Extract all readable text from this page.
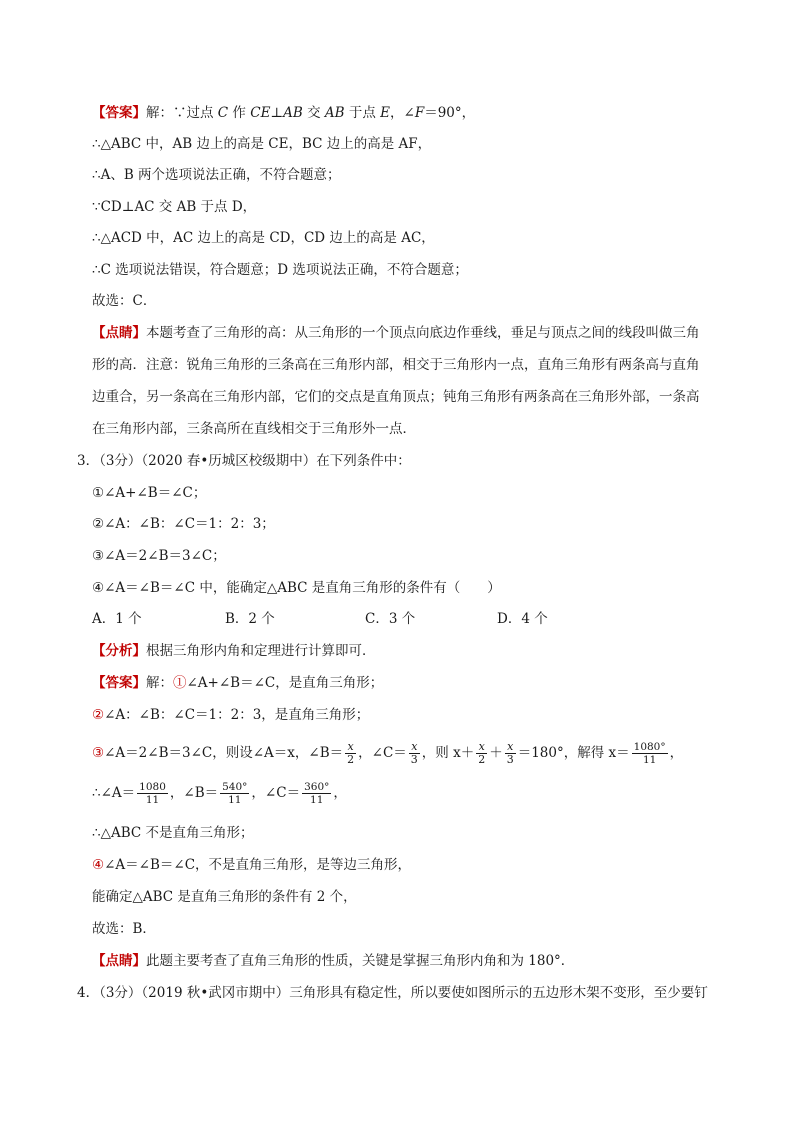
【答案】解：∵过点 C 作 CE⊥AB 交 AB 于点 E，∠F＝90°，
∴△ABC 中，AB 边上的高是 CE，BC 边上的高是 AF，
∴A、B 两个选项说法正确，不符合题意；
∵CD⊥AC 交 AB 于点 D，
∴△ACD 中，AC 边上的高是 CD，CD 边上的高是 AC，
∴C 选项说法错误，符合题意；D 选项说法正确，不符合题意；
故选：C．
【点睛】本题考查了三角形的高：从三角形的一个顶点向底边作垂线，垂足与顶点之间的线段叫做三角
形的高．注意：锐角三角形的三条高在三角形内部，相交于三角形内一点，直角三角形有两条高与直角
边重合，另一条高在三角形内部，它们的交点是直角顶点；钝角三角形有两条高在三角形外部，一条高
在三角形内部，三条高所在直线相交于三角形外一点．
3．（3分）（2020 春•历城区校级期中）在下列条件中：
①∠A+∠B＝∠C；
②∠A：∠B：∠C＝1：2：3；
③∠A＝2∠B＝3∠C；
④∠A＝∠B＝∠C 中，能确定△ABC 是直角三角形的条件有（　　）
A．1 个	B．2 个	C．3 个	D．4 个
【分析】根据三角形内角和定理进行计算即可．
【答案】解：①∠A+∠B＝∠C，是直角三角形；
②∠A：∠B：∠C＝1：2：3，是直角三角形；
③∠A＝2∠B＝3∠C，则设∠A＝x，∠B＝ $\frac{x}{2}$ ，∠C＝ $\frac{x}{3}$ ，则 $x+ \frac{x}{2} + \frac{x}{3} =180^\circ$，解得 $x= \frac{1080^\circ}{11}$ ，
∴∠A＝ $\frac{1080}{11}$ ，∠B＝ $\frac{540^\circ}{11}$ ，∠C＝ $\frac{360^\circ}{11}$ ，
∴△ABC 不是直角三角形；
④∠A＝∠B＝∠C，不是直角三角形，是等边三角形，
能确定△ABC 是直角三角形的条件有 2 个，
故选：B．
【点睛】此题主要考查了直角三角形的性质，关键是掌握三角形内角和为 180°．
4．（3分）（2019 秋•武冈市期中）三角形具有稳定性，所以要使如图所示的五边形木架不变形，至少要钉
